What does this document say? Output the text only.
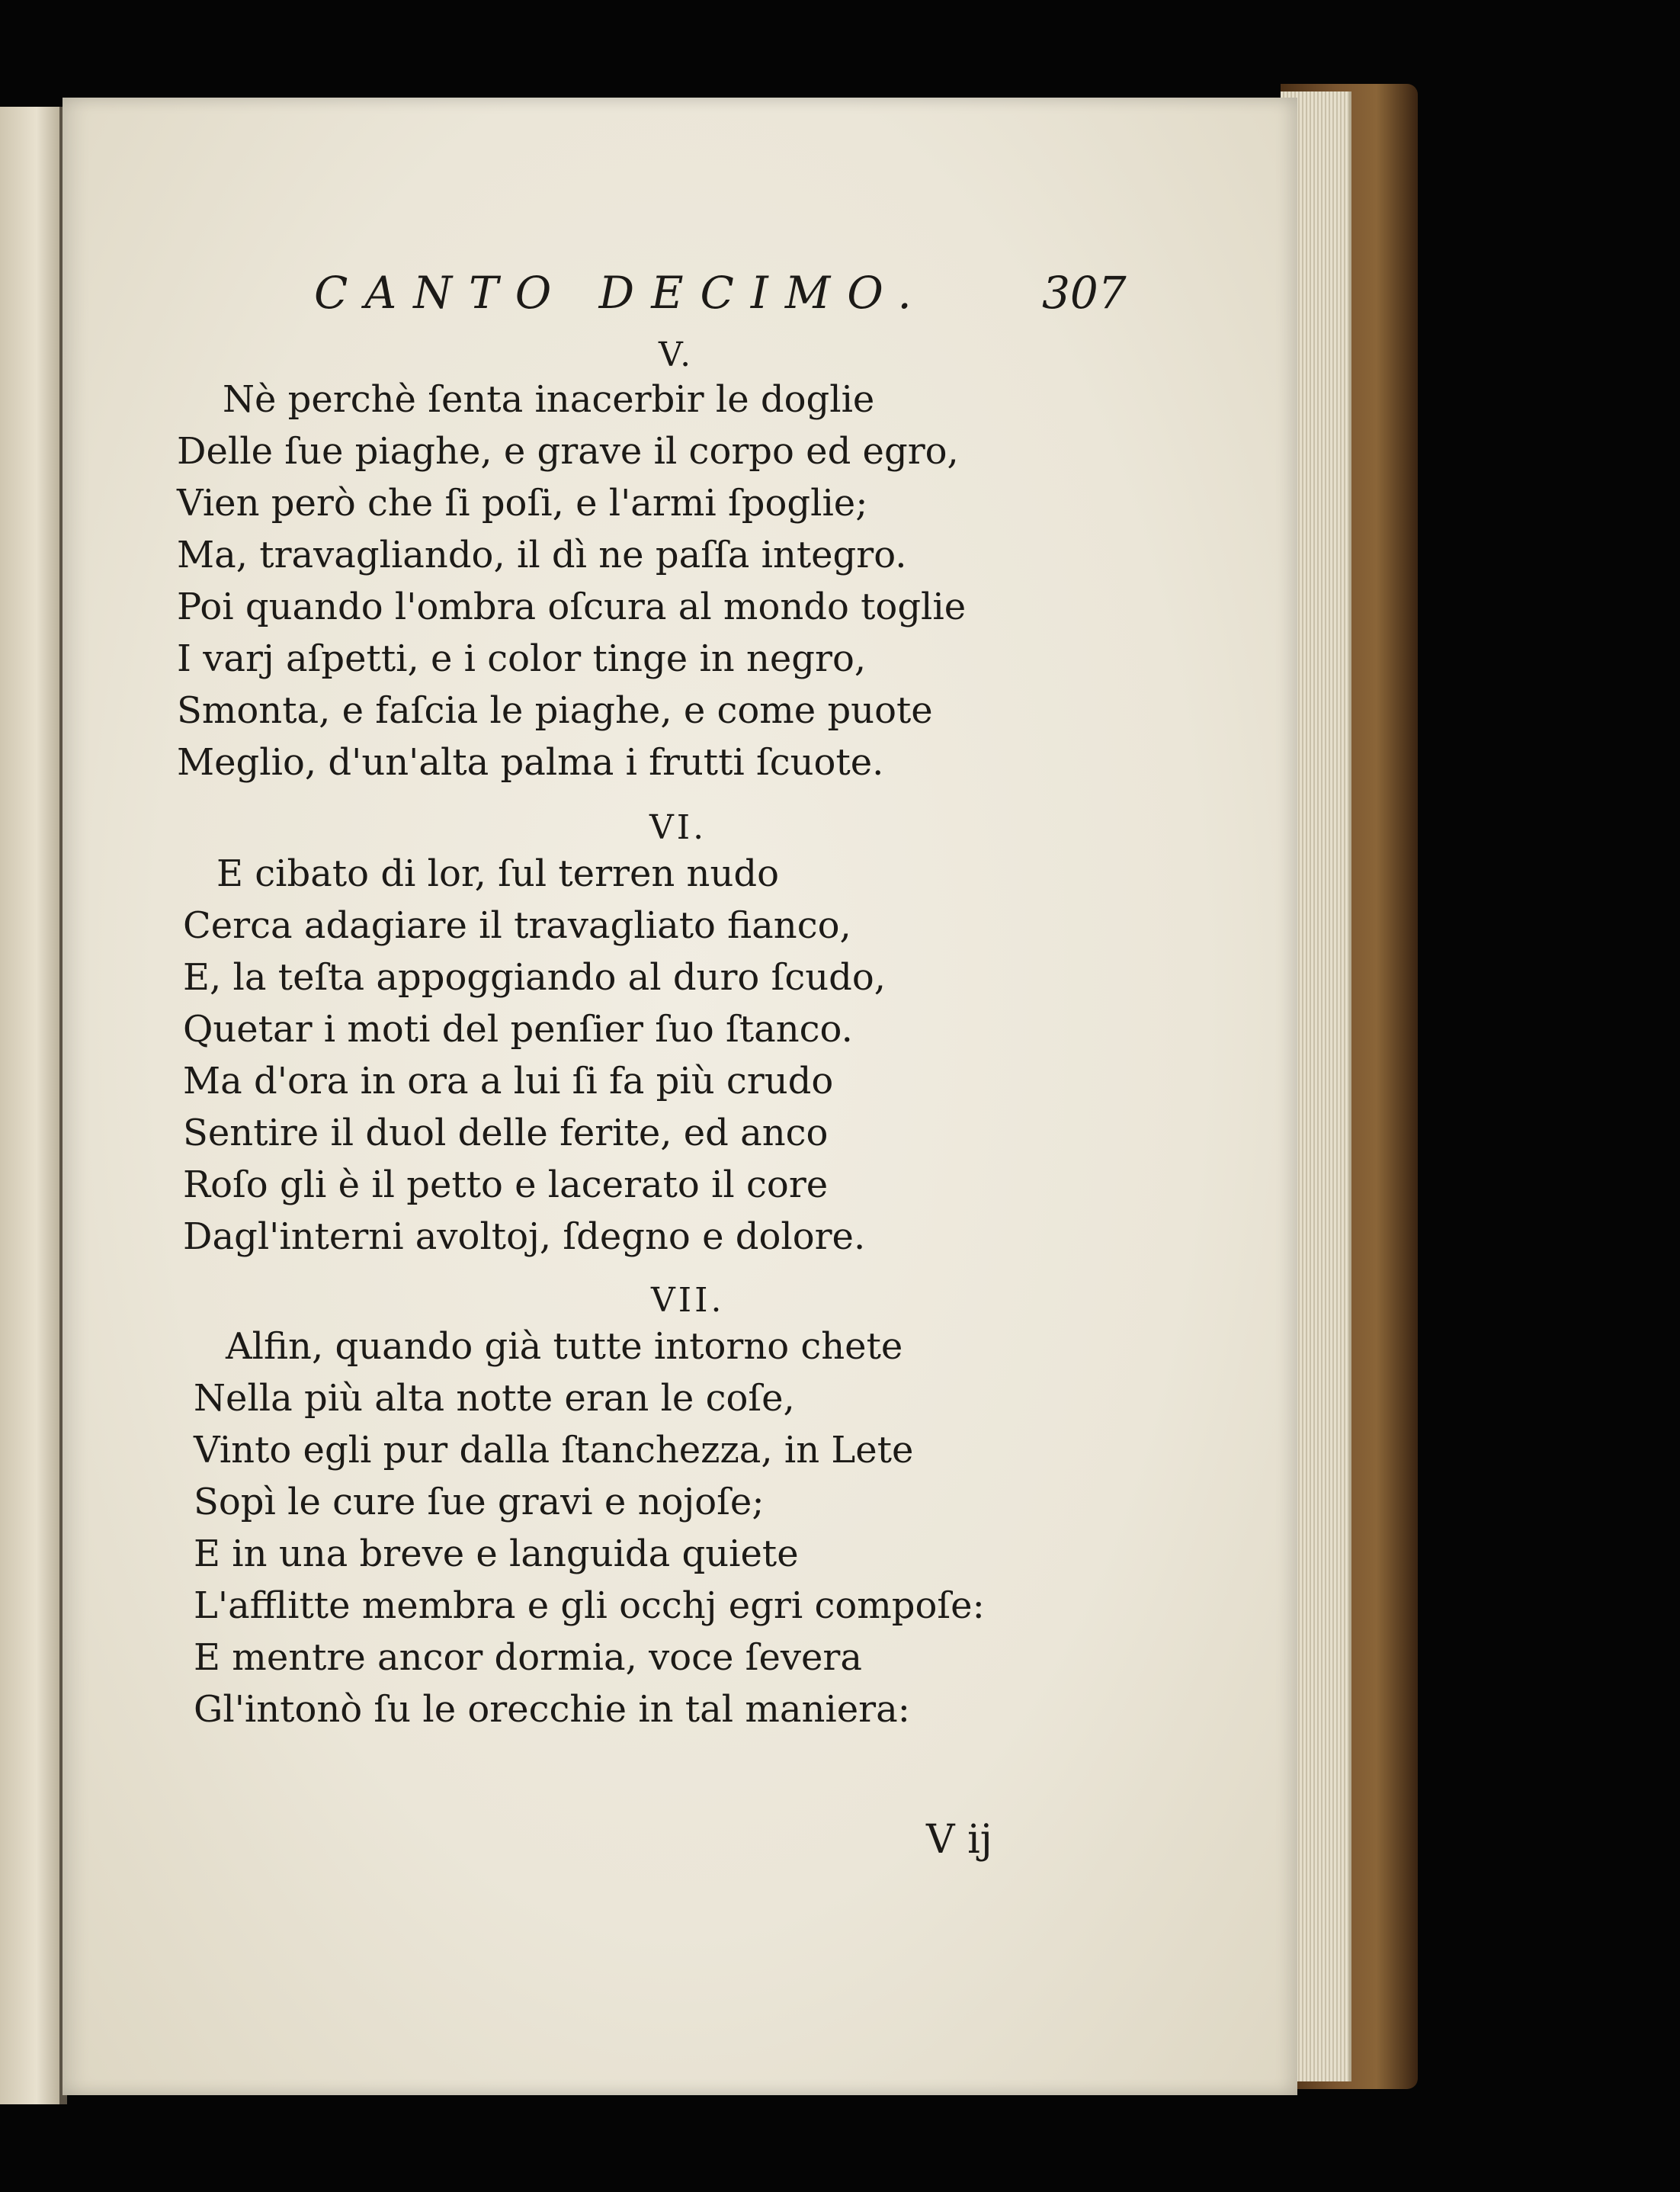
CANTO DECIMO.	307
V.
Nè perchè ſenta inacerbir le doglie
Delle ſue piaghe, e grave il corpo ed egro,
Vien però che ſi poſi, e l'armi ſpoglie;
Ma, travagliando, il dì ne paſſa integro.
Poi quando l'ombra oſcura al mondo toglie
I varj aſpetti, e i color tinge in negro,
Smonta, e faſcia le piaghe, e come puote
Meglio, d'un'alta palma i frutti ſcuote.
VI.
E cibato di lor, ſul terren nudo
Cerca adagiare il travagliato fianco,
E, la teſta appoggiando al duro ſcudo,
Quetar i moti del penſier ſuo ſtanco.
Ma d'ora in ora a lui ſi fa più crudo
Sentire il duol delle ferite, ed anco
Roſo gli è il petto e lacerato il core
Dagl'interni avoltoj, ſdegno e dolore.
VII.
Alfin, quando già tutte intorno chete
Nella più alta notte eran le coſe,
Vinto egli pur dalla ſtanchezza, in Lete
Sopì le cure ſue gravi e nojoſe;
E in una breve e languida quiete
L'afflitte membra e gli occhj egri compoſe:
E mentre ancor dormia, voce ſevera
Gl'intonò ſu le orecchie in tal maniera:
V ij
